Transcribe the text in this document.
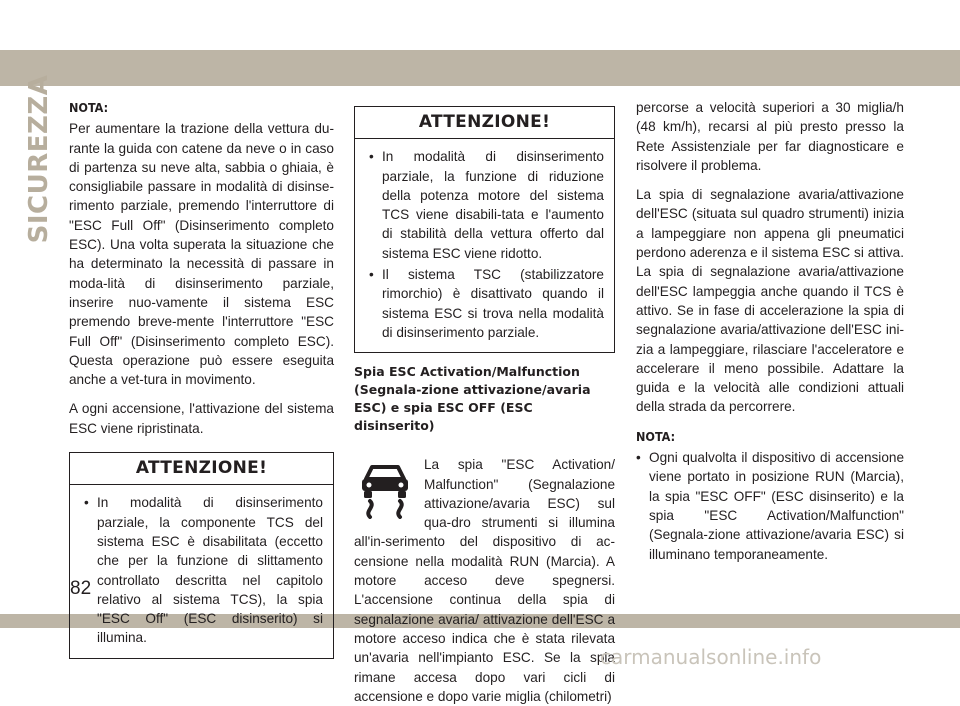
SICUREZZA NOTA:

Per aumentare la trazione della vettura du-rante la guida con catene da neve o in caso di partenza su neve alta, sabbia o ghiaia, è consigliabile passare in modalità di disinse-rimento parziale, premendo l'interruttore di "ESC Full Off" (Disinserimento completo ESC). Una volta superata la situazione che ha determinato la necessità di passare in moda-lità di disinserimento parziale, inserire nuo-vamente il sistema ESC premendo breve-mente l'interruttore "ESC Full Off" (Disinserimento completo ESC). Questa operazione può essere eseguita anche a vet-tura in movimento.

A ogni accensione, l'attivazione del sistema ESC viene ripristinata.

ATTENZIONE!
• In modalità di disinserimento parziale, la componente TCS del sistema ESC è disabilitata (eccetto che per la funzione di slittamento controllato descritta nel capitolo relativo al sistema TCS), la spia "ESC Off" (ESC disinserito) si illumina.
ATTENZIONE!
• In modalità di disinserimento parziale, la funzione di riduzione della potenza motore del sistema TCS viene disabili-tata e l'aumento di stabilità della vettura offerto dal sistema ESC viene ridotto.
• Il sistema TSC (stabilizzatore rimorchio) è disattivato quando il sistema ESC si trova nella modalità di disinserimento parziale.
Spia ESC Activation/Malfunction (Segnala-zione attivazione/avaria ESC) e spia ESC OFF (ESC disinserito)
La spia "ESC Activation/ Malfunction" (Segnalazione attivazione/avaria ESC) sul qua-dro strumenti si illumina all'in-serimento del dispositivo di ac-censione nella modalità RUN (Marcia). A motore acceso deve spegnersi. L'accensione continua della spia di segnalazione avaria/ attivazione dell'ESC a motore acceso indica che è stata rilevata un'avaria nell'impianto ESC. Se la spia rimane accesa dopo vari cicli di accensione e dopo varie miglia (chilometri)

percorse a velocità superiori a 30 miglia/h (48 km/h), recarsi al più presto presso la Rete Assistenziale per far diagnosticare e risolvere il problema.

La spia di segnalazione avaria/attivazione dell'ESC (situata sul quadro strumenti) inizia a lampeggiare non appena gli pneumatici perdono aderenza e il sistema ESC si attiva. La spia di segnalazione avaria/attivazione dell'ESC lampeggia anche quando il TCS è attivo. Se in fase di accelerazione la spia di segnalazione avaria/attivazione dell'ESC ini-zia a lampeggiare, rilasciare l'acceleratore e accelerare il meno possibile. Adattare la guida e la velocità alle condizioni attuali della strada da percorrere.

NOTA:
• Ogni qualvolta il dispositivo di accensione viene portato in posizione RUN (Marcia), la spia "ESC OFF" (ESC disinserito) e la spia "ESC Activation/Malfunction" (Segnala-zione attivazione/avaria ESC) si illuminano temporaneamente.
82
carmanualsonline.info
